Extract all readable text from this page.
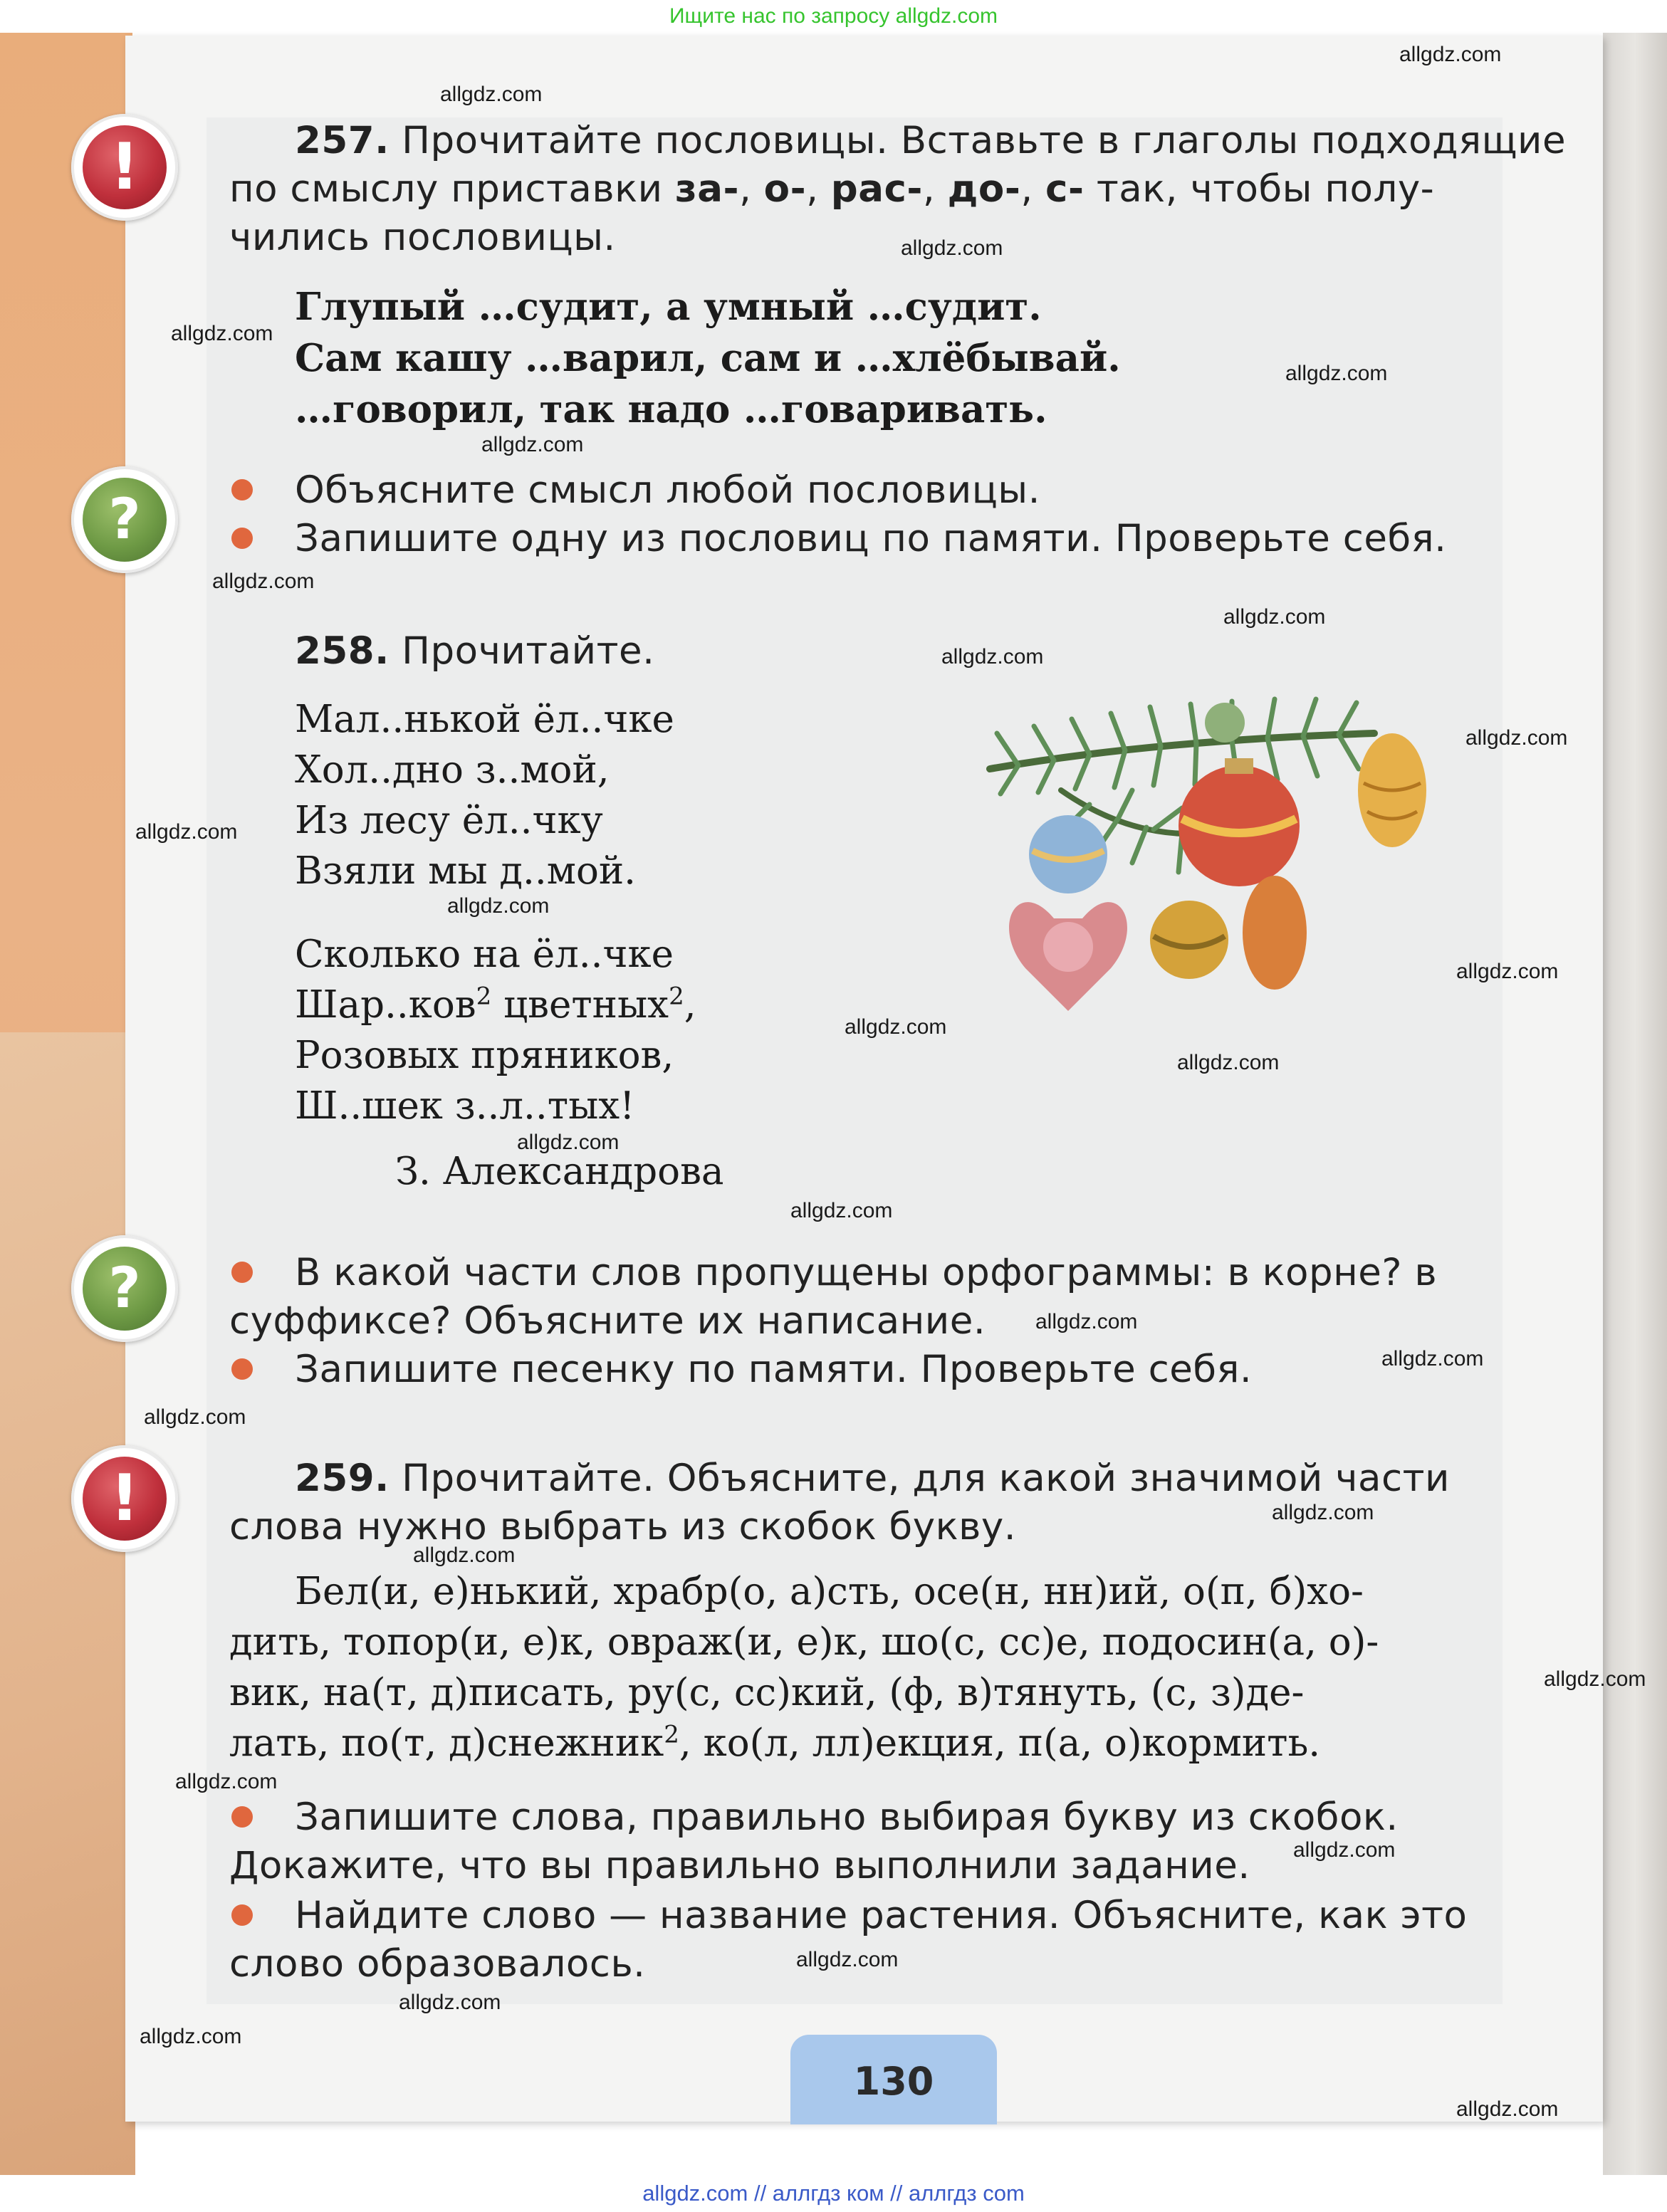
Ищите нас по запросу allgdz.com
!
?
?
!
257. Прочитайте пословицы. Вставьте в глаголы подходящие
по смыслу приставки за-, о-, рас-, до-, с- так, чтобы полу-
чились пословицы.
Глупый …судит, а умный …судит.
Сам кашу …варил, сам и …хлёбывай.
…говорил, так надо …говаривать.
Объясните смысл любой пословицы.
Запишите одну из пословиц по памяти. Проверьте себя.
258. Прочитайте.
Мал..нькой ёл..чке
Хол..дно з..мой,
Из лесу ёл..чку
Взяли мы д..мой.
Сколько на ёл..чке
Шар..ков$^2$ цветных$^2$,
Розовых пряников,
Ш..шек з..л..тых!
З. Александрова
В какой части слов пропущены орфограммы: в корне? в
суффиксе? Объясните их написание.
Запишите песенку по памяти. Проверьте себя.
259. Прочитайте. Объясните, для какой значимой части
слова нужно выбрать из скобок букву.
Бел(и, е)нький, храбр(о, а)сть, осе(н, нн)ий, о(п, б)хо-
дить, топор(и, е)к, овраж(и, е)к, шо(с, сс)е, подосин(а, о)-
вик, на(т, д)писать, ру(с, сс)кий, (ф, в)тянуть, (с, з)де-
лать, по(т, д)снежник$^2$, ко(л, лл)екция, п(а, о)кормить.
Запишите слова, правильно выбирая букву из скобок.
Докажите, что вы правильно выполнили задание.
Найдите слово — название растения. Объясните, как это
слово образовалось.
130
allgdz.com
allgdz.com
allgdz.com
allgdz.com
allgdz.com
allgdz.com
allgdz.com
allgdz.com
allgdz.com
allgdz.com
allgdz.com
allgdz.com
allgdz.com
allgdz.com
allgdz.com
allgdz.com
allgdz.com
allgdz.com
allgdz.com
allgdz.com
allgdz.com
allgdz.com
allgdz.com
allgdz.com
allgdz.com
allgdz.com
allgdz.com
allgdz.com
allgdz.com
allgdz.com // аллгдз ком // аллгдз com
